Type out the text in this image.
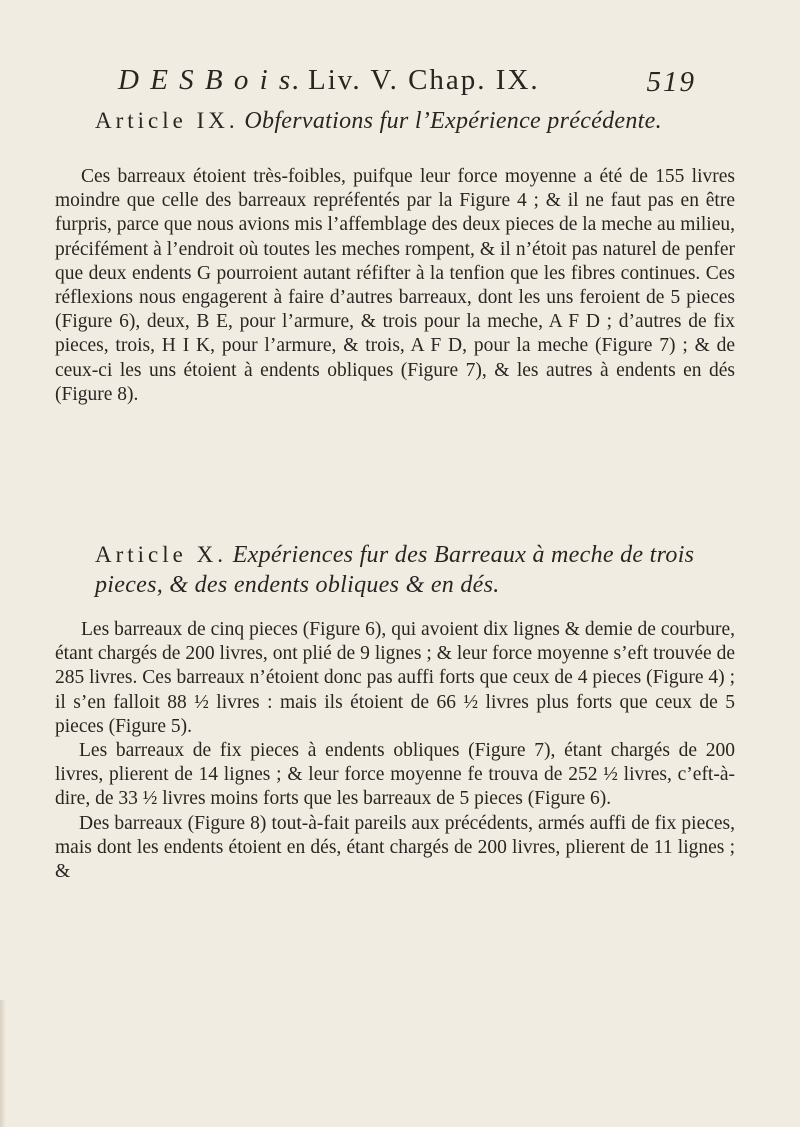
D E S B o i s. Liv. V. Chap. IX.	519
Article IX. Obfervations fur l’Expérience précédente.

Ces barreaux étoient très-foibles, puifque leur force moyenne a été de 155 livres moindre que celle des barreaux repréfentés par la Figure 4 ; & il ne faut pas en être furpris, parce que nous avions mis l’affemblage des deux pieces de la meche au milieu, précifément à l’endroit où toutes les meches rompent, & il n’étoit pas naturel de penfer que deux endents G pourroient autant réfifter à la tenfion que les fibres continues. Ces réflexions nous engagerent à faire d’autres barreaux, dont les uns feroient de 5 pieces (Figure 6), deux, B E, pour l’armure, & trois pour la meche, A F D ; d’autres de fix pieces, trois, H I K, pour l’armure, & trois, A F D, pour la meche (Figure 7) ; & de ceux-ci les uns étoient à endents obliques (Figure 7), & les autres à endents en dés (Figure 8).

Article X. Expériences fur des Barreaux à meche de trois pieces, & des endents obliques & en dés.

Les barreaux de cinq pieces (Figure 6), qui avoient dix lignes & demie de courbure, étant chargés de 200 livres, ont plié de 9 lignes ; & leur force moyenne s’eft trouvée de 285 livres. Ces barreaux n’étoient donc pas auffi forts que ceux de 4 pieces (Figure 4) ; il s’en falloit 88 ½ livres : mais ils étoient de 66 ½ livres plus forts que ceux de 5 pieces (Figure 5).

Les barreaux de fix pieces à endents obliques (Figure 7), étant chargés de 200 livres, plierent de 14 lignes ; & leur force moyenne fe trouva de 252 ½ livres, c’eft-à-dire, de 33 ½ livres moins forts que les barreaux de 5 pieces (Figure 6).

Des barreaux (Figure 8) tout-à-fait pareils aux précédents, armés auffi de fix pieces, mais dont les endents étoient en dés, étant chargés de 200 livres, plierent de 11 lignes ; &
